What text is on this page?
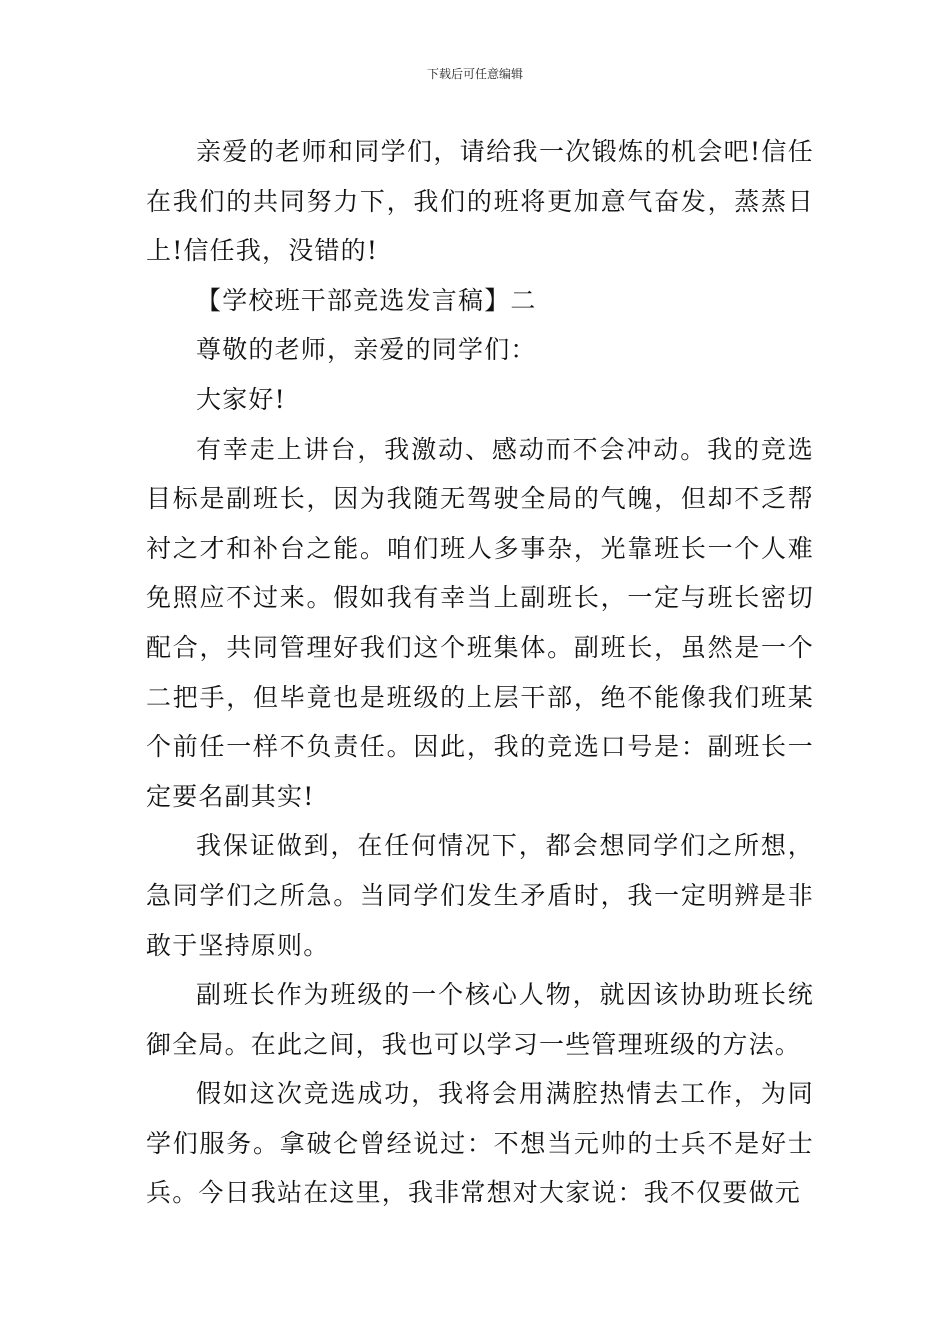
下载后可任意编辑

亲爱的老师和同学们，请给我一次锻炼的机会吧!信任在我们的共同努力下，我们的班将更加意气奋发，蒸蒸日上!信任我，没错的!

【学校班干部竞选发言稿】二

尊敬的老师，亲爱的同学们：

大家好!

有幸走上讲台，我激动、感动而不会冲动。我的竞选目标是副班长，因为我随无驾驶全局的气魄，但却不乏帮衬之才和补台之能。咱们班人多事杂，光靠班长一个人难免照应不过来。假如我有幸当上副班长，一定与班长密切配合，共同管理好我们这个班集体。副班长，虽然是一个二把手，但毕竟也是班级的上层干部，绝不能像我们班某个前任一样不负责任。因此，我的竞选口号是：副班长一定要名副其实!

我保证做到，在任何情况下，都会想同学们之所想，急同学们之所急。当同学们发生矛盾时，我一定明辨是非敢于坚持原则。

副班长作为班级的一个核心人物，就因该协助班长统御全局。在此之间，我也可以学习一些管理班级的方法。

假如这次竞选成功，我将会用满腔热情去工作，为同学们服务。拿破仑曾经说过：不想当元帅的士兵不是好士兵。今日我站在这里，我非常想对大家说：我不仅要做元
